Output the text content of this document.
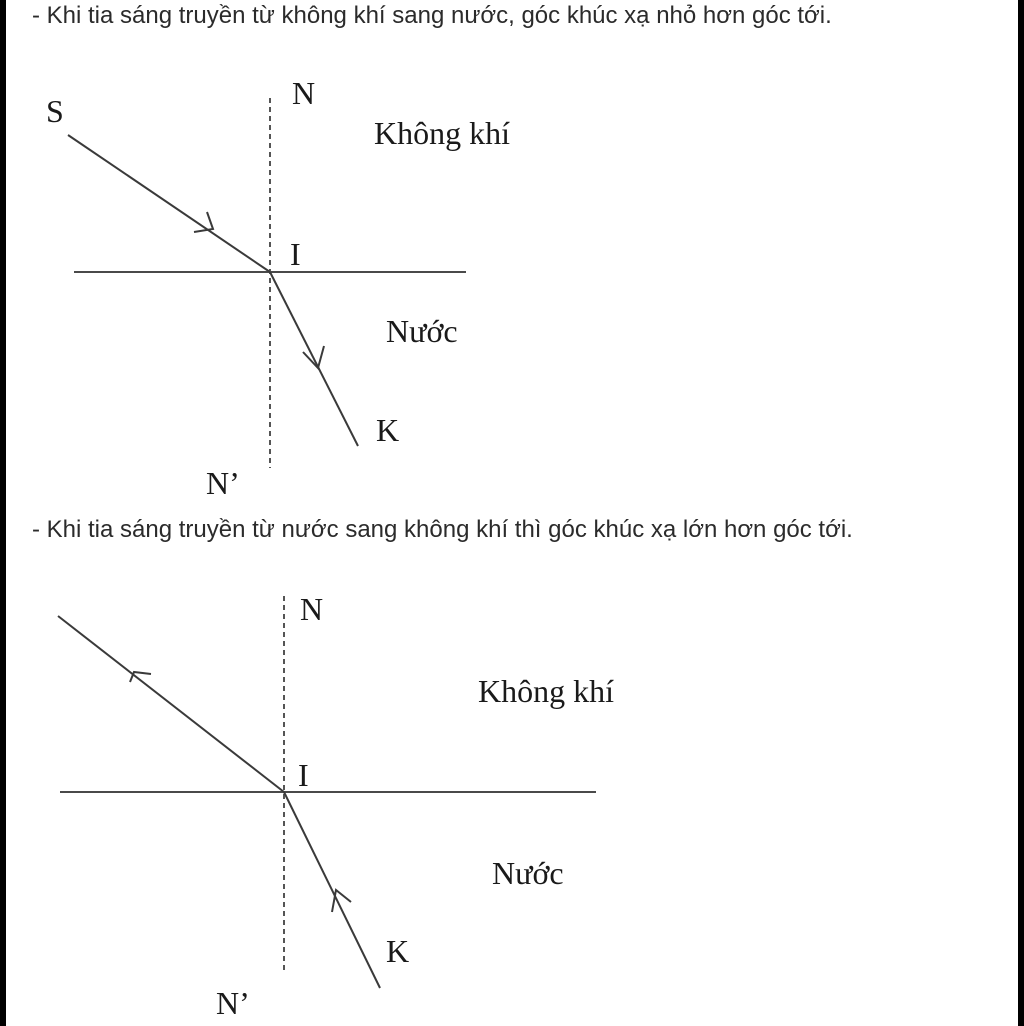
- Khi tia sáng truyền từ không khí sang nước, góc khúc xạ nhỏ hơn góc tới.
S	N
I
K
N’
Không khí
Nước
- Khi tia sáng truyền từ nước sang không khí thì góc khúc xạ lớn hơn góc tới.
N
I
K
N’
Không khí
Nước
